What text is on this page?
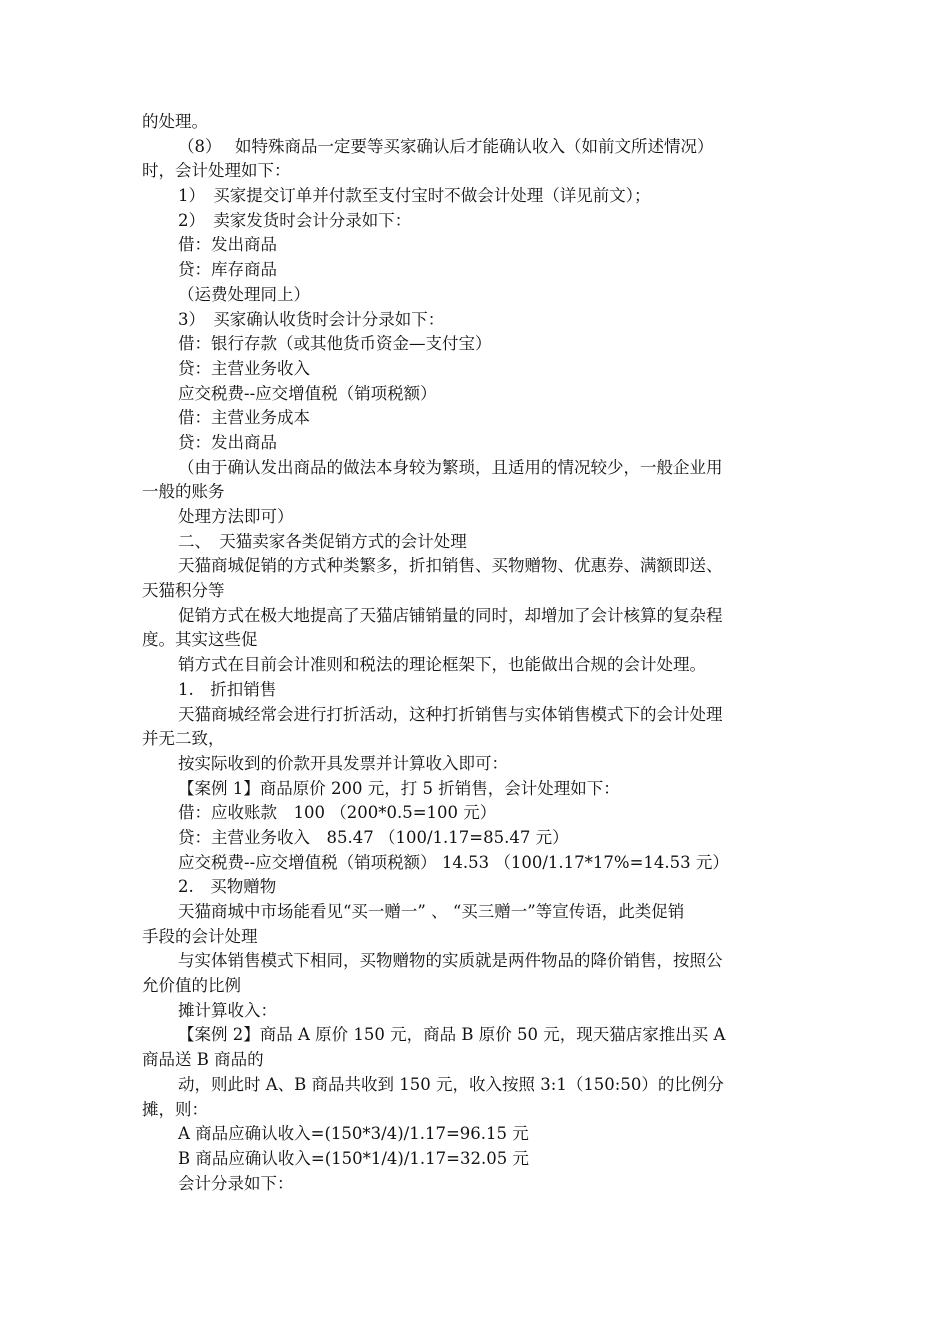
的处理。
（8）　 如特殊商品一定要等买家确认后才能确认收入（如前文所述情况）
时，会计处理如下：
1）　买家提交订单并付款至支付宝时不做会计处理（详见前文）；
2）　卖家发货时会计分录如下：
借：发出商品
贷：库存商品
（运费处理同上）
3）　买家确认收货时会计分录如下：
借：银行存款（或其他货币资金—支付宝）
贷：主营业务收入
应交税费--应交增值税（销项税额）
借：主营业务成本
贷：发出商品
（由于确认发出商品的做法本身较为繁琐，且适用的情况较少，一般企业用
一般的账务
处理方法即可）
二、　天猫卖家各类促销方式的会计处理
天猫商城促销的方式种类繁多，折扣销售、买物赠物、优惠券、满额即送、
天猫积分等
促销方式在极大地提高了天猫店铺销量的同时，却增加了会计核算的复杂程
度。其实这些促
销方式在目前会计准则和税法的理论框架下，也能做出合规的会计处理。
1.　折扣销售
天猫商城经常会进行打折活动，这种打折销售与实体销售模式下的会计处理
并无二致，
按实际收到的价款开具发票并计算收入即可：
【案例 1】商品原价 200 元，打 5 折销售，会计处理如下：
借：应收账款　100 （200*0.5=100 元）
贷：主营业务收入　85.47 （100/1.17=85.47 元）
应交税费--应交增值税（销项税额） 14.53 （100/1.17*17%=14.53 元）
2.　买物赠物
天猫商城中市场能看见“买一赠一” 、 “买三赠一”等宣传语，此类促销
手段的会计处理
与实体销售模式下相同，买物赠物的实质就是两件物品的降价销售，按照公
允价值的比例
摊计算收入：
【案例 2】商品 A 原价 150 元，商品 B 原价 50 元，现天猫店家推出买 A
商品送 B 商品的
动，则此时 A、B 商品共收到 150 元，收入按照 3:1（150:50）的比例分
摊，则：
A 商品应确认收入=(150*3/4)/1.17=96.15 元
B 商品应确认收入=(150*1/4)/1.17=32.05 元
会计分录如下：
